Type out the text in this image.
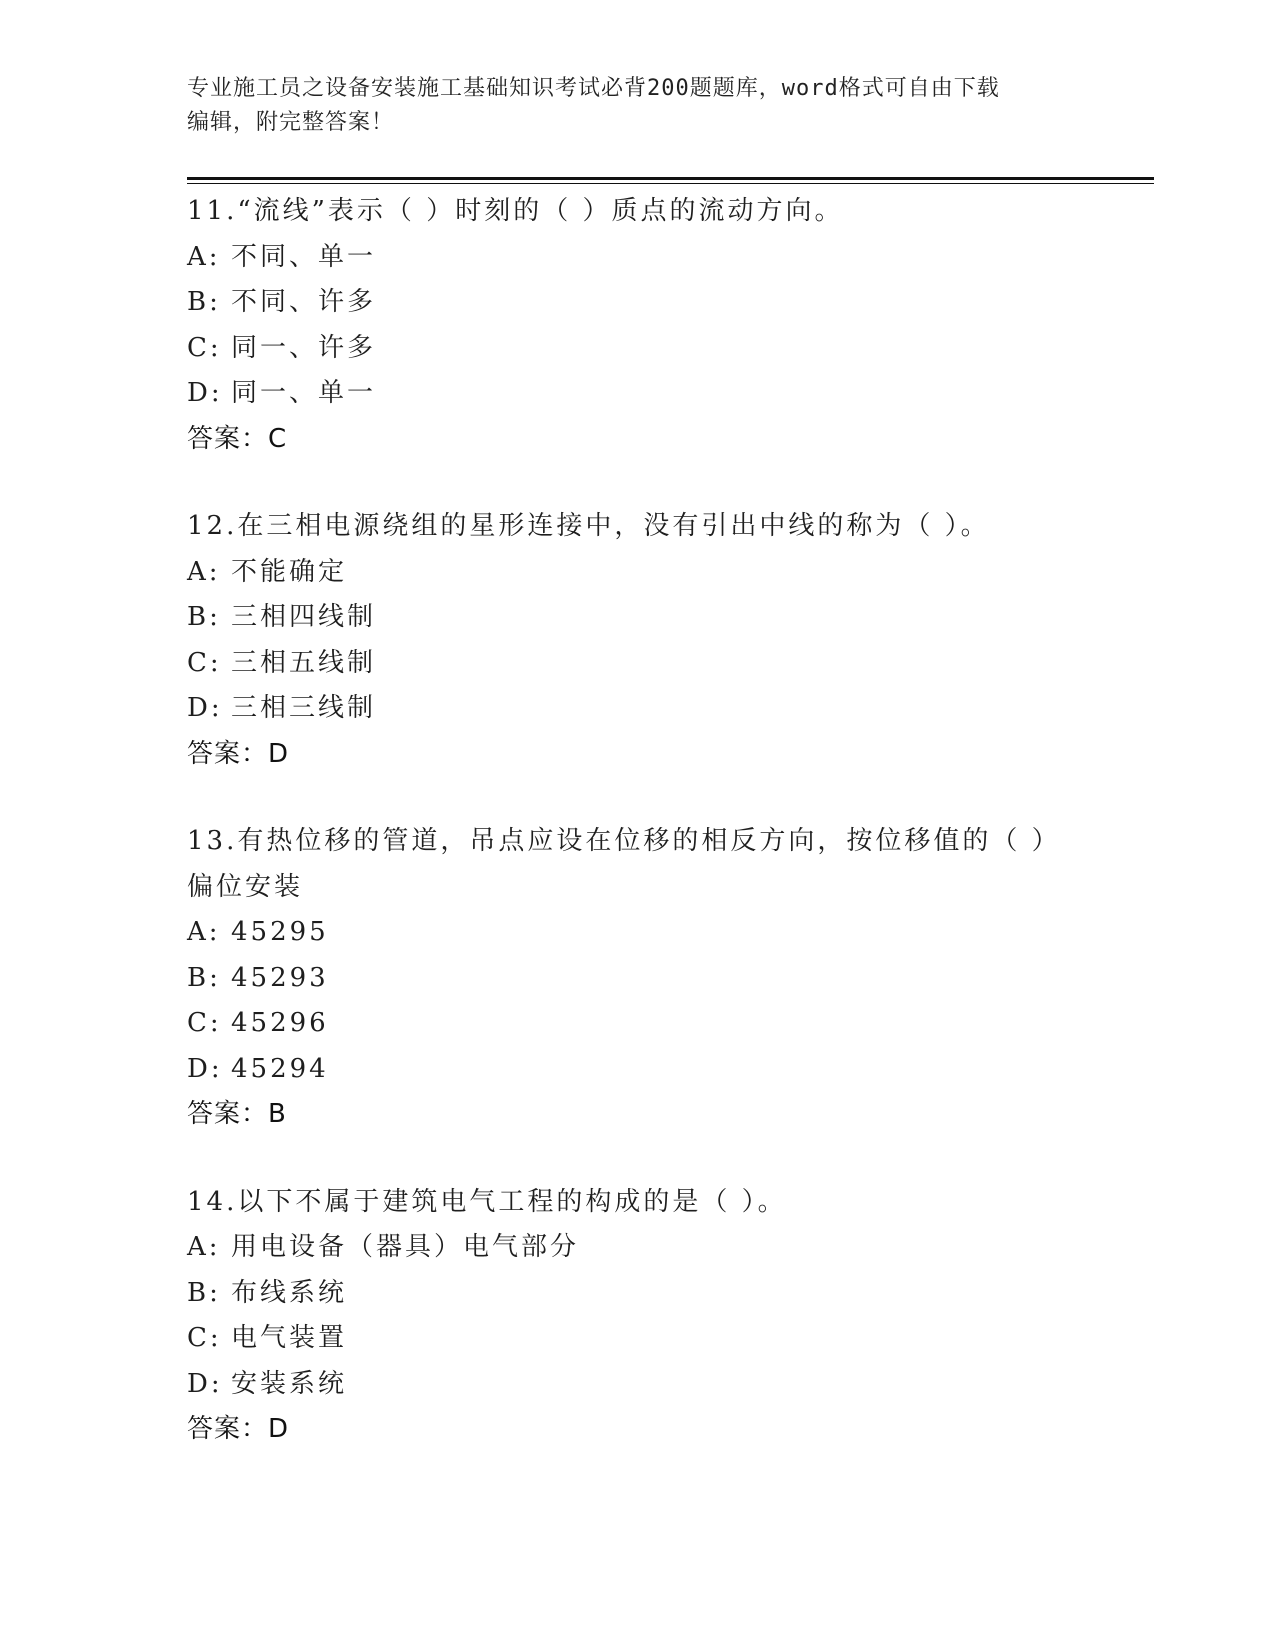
专业施工员之设备安装施工基础知识考试必背200题题库，word格式可自由下载
编辑，附完整答案！
11.“流线”表示（ ）时刻的（ ）质点的流动方向。
A: 不同、单一
B: 不同、许多
C: 同一、许多
D: 同一、单一
答案：C
12.在三相电源绕组的星形连接中，没有引出中线的称为（ ）。
A: 不能确定
B: 三相四线制
C: 三相五线制
D: 三相三线制
答案：D
13.有热位移的管道，吊点应设在位移的相反方向，按位移值的（ ）偏位安装
A: 45295
B: 45293
C: 45296
D: 45294
答案：B
14.以下不属于建筑电气工程的构成的是（ ）。
A: 用电设备（器具）电气部分
B: 布线系统
C: 电气装置
D: 安装系统
答案：D
